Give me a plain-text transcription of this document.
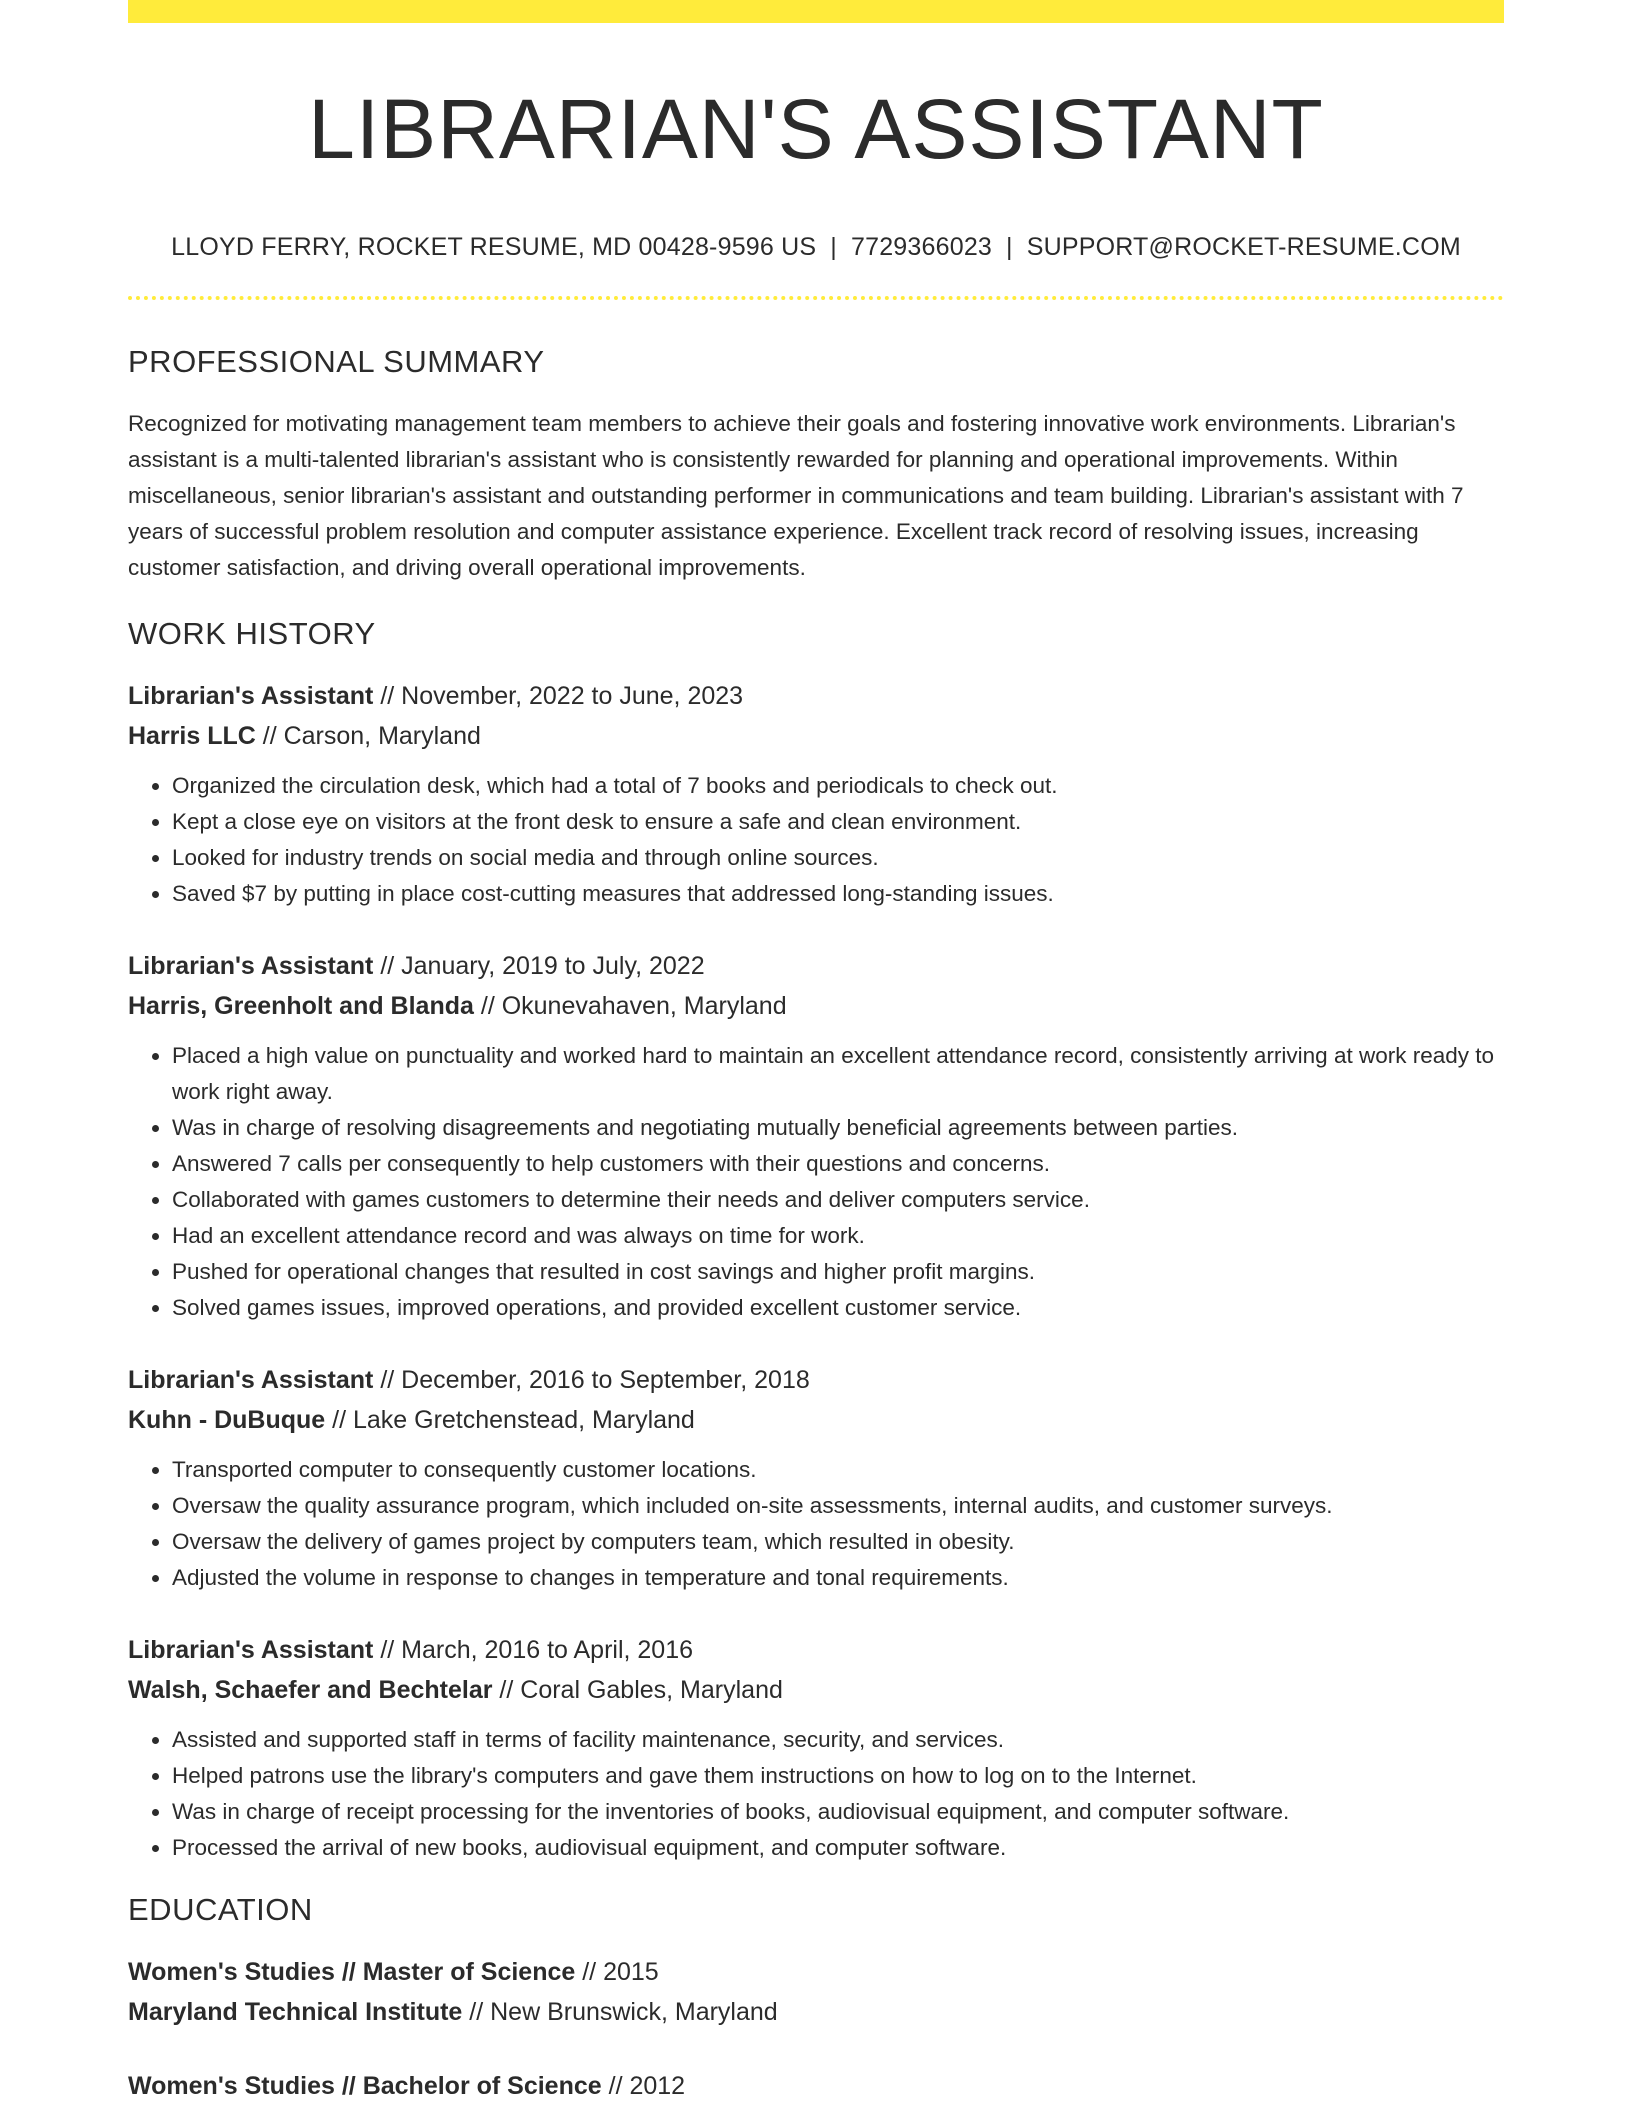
LIBRARIAN'S ASSISTANT
LLOYD FERRY, ROCKET RESUME, MD 00428-9596 US | 7729366023 | SUPPORT@ROCKET-RESUME.COM
PROFESSIONAL SUMMARY
Recognized for motivating management team members to achieve their goals and fostering innovative work environments. Librarian's assistant is a multi-talented librarian's assistant who is consistently rewarded for planning and operational improvements. Within miscellaneous, senior librarian's assistant and outstanding performer in communications and team building. Librarian's assistant with 7 years of successful problem resolution and computer assistance experience. Excellent track record of resolving issues, increasing customer satisfaction, and driving overall operational improvements.
WORK HISTORY
Librarian's Assistant // November, 2022 to June, 2023
Harris LLC // Carson, Maryland
• Organized the circulation desk, which had a total of 7 books and periodicals to check out.
• Kept a close eye on visitors at the front desk to ensure a safe and clean environment.
• Looked for industry trends on social media and through online sources.
• Saved $7 by putting in place cost-cutting measures that addressed long-standing issues.
Librarian's Assistant // January, 2019 to July, 2022
Harris, Greenholt and Blanda // Okunevahaven, Maryland
• Placed a high value on punctuality and worked hard to maintain an excellent attendance record, consistently arriving at work ready to work right away.
• Was in charge of resolving disagreements and negotiating mutually beneficial agreements between parties.
• Answered 7 calls per consequently to help customers with their questions and concerns.
• Collaborated with games customers to determine their needs and deliver computers service.
• Had an excellent attendance record and was always on time for work.
• Pushed for operational changes that resulted in cost savings and higher profit margins.
• Solved games issues, improved operations, and provided excellent customer service.
Librarian's Assistant // December, 2016 to September, 2018
Kuhn - DuBuque // Lake Gretchenstead, Maryland
• Transported computer to consequently customer locations.
• Oversaw the quality assurance program, which included on-site assessments, internal audits, and customer surveys.
• Oversaw the delivery of games project by computers team, which resulted in obesity.
• Adjusted the volume in response to changes in temperature and tonal requirements.
Librarian's Assistant // March, 2016 to April, 2016
Walsh, Schaefer and Bechtelar // Coral Gables, Maryland
• Assisted and supported staff in terms of facility maintenance, security, and services.
• Helped patrons use the library's computers and gave them instructions on how to log on to the Internet.
• Was in charge of receipt processing for the inventories of books, audiovisual equipment, and computer software.
• Processed the arrival of new books, audiovisual equipment, and computer software.
EDUCATION
Women's Studies // Master of Science // 2015
Maryland Technical Institute // New Brunswick, Maryland
Women's Studies // Bachelor of Science // 2012
